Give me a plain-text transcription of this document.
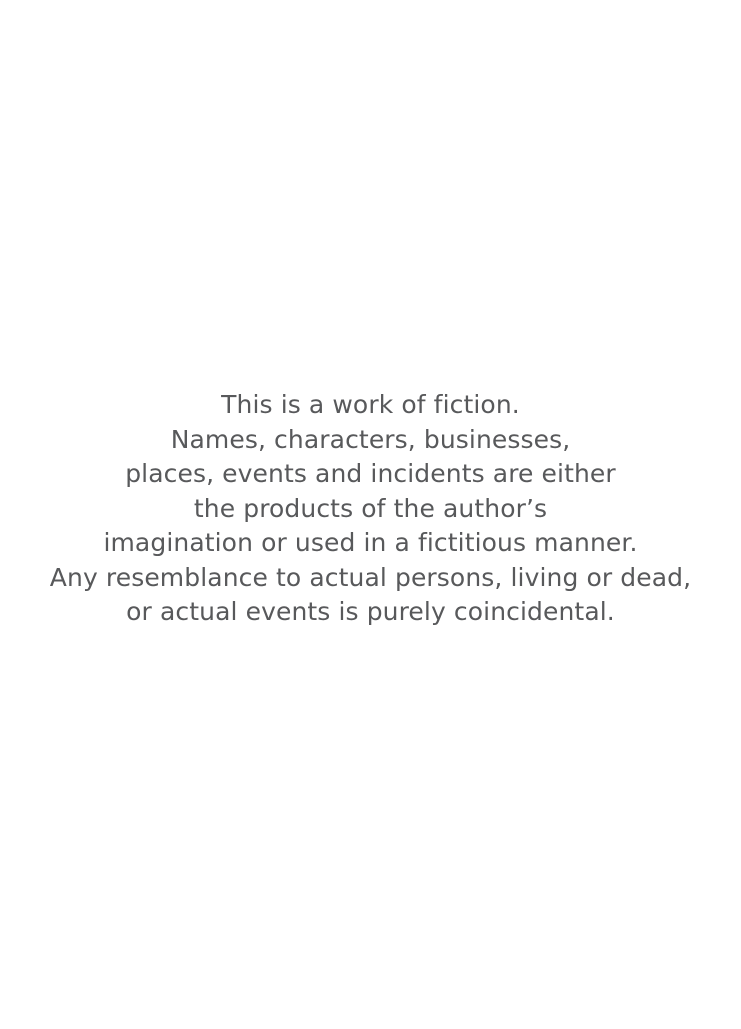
This is a work of fiction.
Names, characters, businesses,
places, events and incidents are either
the products of the author’s
imagination or used in a fictitious manner.
Any resemblance to actual persons, living or dead,
or actual events is purely coincidental.
